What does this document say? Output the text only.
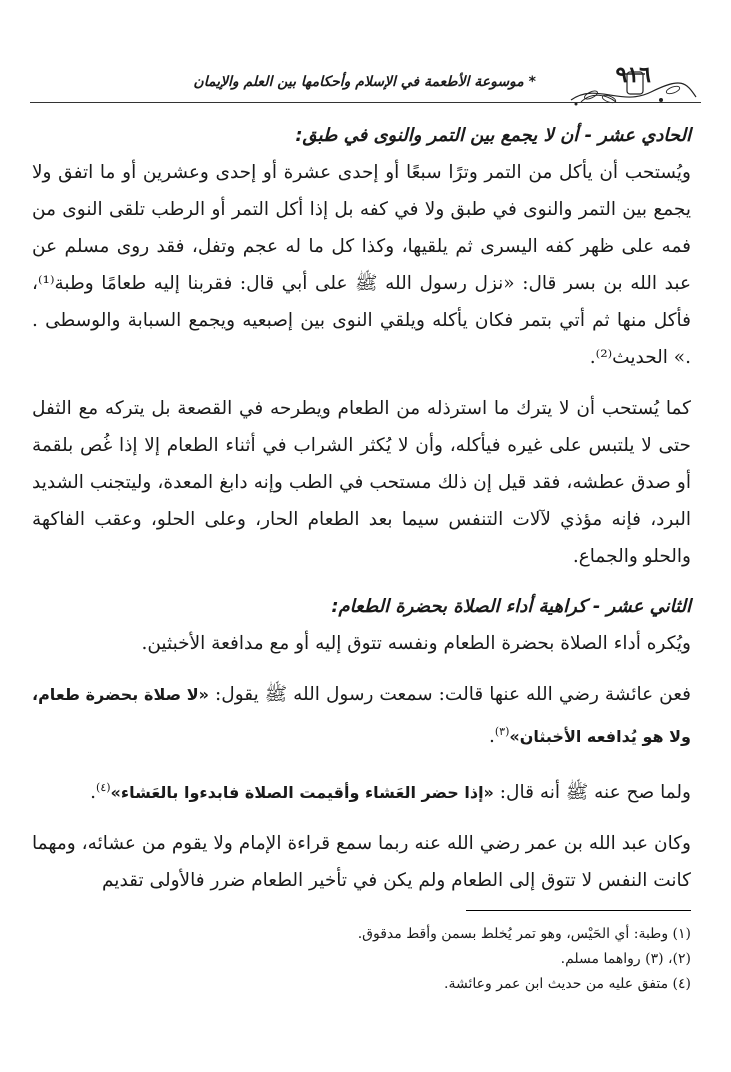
٩١٦
* موسوعة الأطعمة في الإسلام وأحكامها بين العلم والإيمان
الحادي عشر - أن لا يجمع بين التمر والنوى في طبق:

ويُستحب أن يأكل من التمر وترًا سبعًا أو إحدى عشرة أو إحدى وعشرين أو ما اتفق ولا يجمع بين التمر والنوى في طبق ولا في كفه بل إذا أكل التمر أو الرطب تلقى النوى من فمه على ظهر كفه اليسرى ثم يلقيها، وكذا كل ما له عجم وتفل، فقد روى مسلم عن عبد الله بن بسر قال: «نزل رسول الله ﷺ على أبي قال: فقربنا إليه طعامًا وطبة⁽¹⁾، فأكل منها ثم أتي بتمر فكان يأكله ويلقي النوى بين إصبعيه ويجمع السبابة والوسطى . .» الحديث⁽²⁾.

كما يُستحب أن لا يترك ما استرذله من الطعام ويطرحه في القصعة بل يتركه مع الثفل حتى لا يلتبس على غيره فيأكله، وأن لا يُكثر الشراب في أثناء الطعام إلا إذا غُص بلقمة أو صدق عطشه، فقد قيل إن ذلك مستحب في الطب وإنه دابغ المعدة، وليتجنب الشديد البرد، فإنه مؤذي لآلات التنفس سيما بعد الطعام الحار، وعلى الحلو، وعقب الفاكهة والحلو والجماع.

الثاني عشر - كراهية أداء الصلاة بحضرة الطعام:

ويُكره أداء الصلاة بحضرة الطعام ونفسه تتوق إليه أو مع مدافعة الأخبثين.

فعن عائشة رضي الله عنها قالت: سمعت رسول الله ﷺ يقول: «لا صلاة بحضرة طعام، ولا هو يُدافعه الأخبثان»$^{(٣)}$.

ولما صح عنه ﷺ أنه قال: «إذا حضر العَشاء وأقيمت الصلاة فابدءوا بالعَشاء»$^{(٤)}$.

وكان عبد الله بن عمر رضي الله عنه ربما سمع قراءة الإمام ولا يقوم من عشائه، ومهما كانت النفس لا تتوق إلى الطعام ولم يكن في تأخير الطعام ضرر فالأولى تقديم

(١) وطبة: أي الحَيْس، وهو تمر يُخلط بسمن وأقط مدقوق.
(٢)، (٣) رواهما مسلم.
(٤) متفق عليه من حديث ابن عمر وعائشة.
